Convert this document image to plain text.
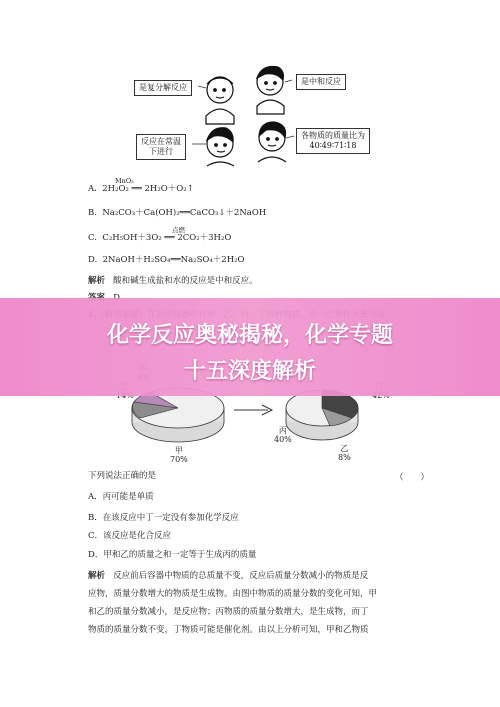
是复分解反应
是中和反应
反应在常温
下进行
各物质的质量比为
40∶49∶71∶18
A. 2H₂O₂ ══ 2H₂O＋O₂↑
MnO₂
B. Na₂CO₃＋Ca(OH)₂══CaCO₃↓＋2NaOH
C. C₂H₅OH＋3O₂ ══ 2CO₂＋3H₂O
点燃
D. 2NaOH＋H₂SO₄══Na₂SO₄＋2H₂O
解析 酸和碱生成盐和水的反应是中和反应。

甲
70%
丙
40%
乙
8%
化学反应奥秘揭秘，化学专题
十五深度解析
下列说法正确的是	（　　）
A．丙可能是单质
B．在该反应中丁一定没有参加化学反应
C．该反应是化合反应
D．甲和乙的质量之和一定等于生成丙的质量
解析 反应前后容器中物质的总质量不变，反应后质量分数减小的物质是反
应物，质量分数增大的物质是生成物。由图中物质的质量分数的变化可知，甲
和乙的质量分数减小，是反应物；丙物质的质量分数增大，是生成物，而丁
物质的质量分数不变，丁物质可能是催化剂。由以上分析可知，甲和乙物质
